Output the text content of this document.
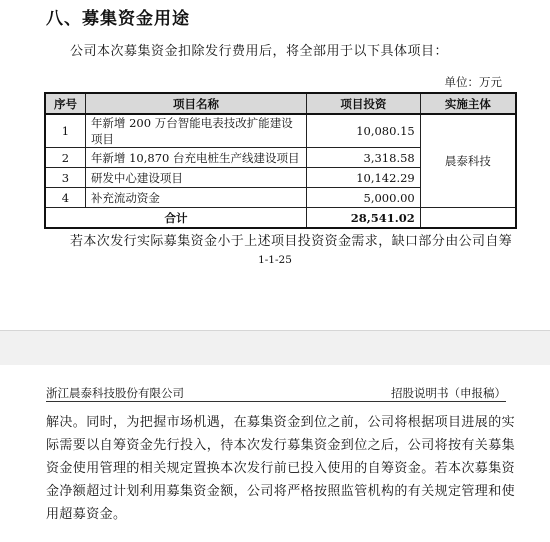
八、募集资金用途
公司本次募集资金扣除发行费用后，将全部用于以下具体项目：
单位：万元
序号	项目名称	项目投资	实施主体
1	年新增 200 万台智能电表技改扩能建设项目	10,080.15	晨泰科技
2	年新增 10,870 台充电桩生产线建设项目	3,318.58	
3	研发中心建设项目	10,142.29	
4	补充流动资金	5,000.00	
合计		28,541.02	
若本次发行实际募集资金小于上述项目投资资金需求，缺口部分由公司自筹
1-1-25
浙江晨泰科技股份有限公司	招股说明书（申报稿）

解决。同时，为把握市场机遇，在募集资金到位之前，公司将根据项目进展的实

际需要以自筹资金先行投入，待本次发行募集资金到位之后，公司将按有关募集

资金使用管理的相关规定置换本次发行前已投入使用的自筹资金。若本次募集资

金净额超过计划利用募集资金额，公司将严格按照监管机构的有关规定管理和使

用超募资金。
